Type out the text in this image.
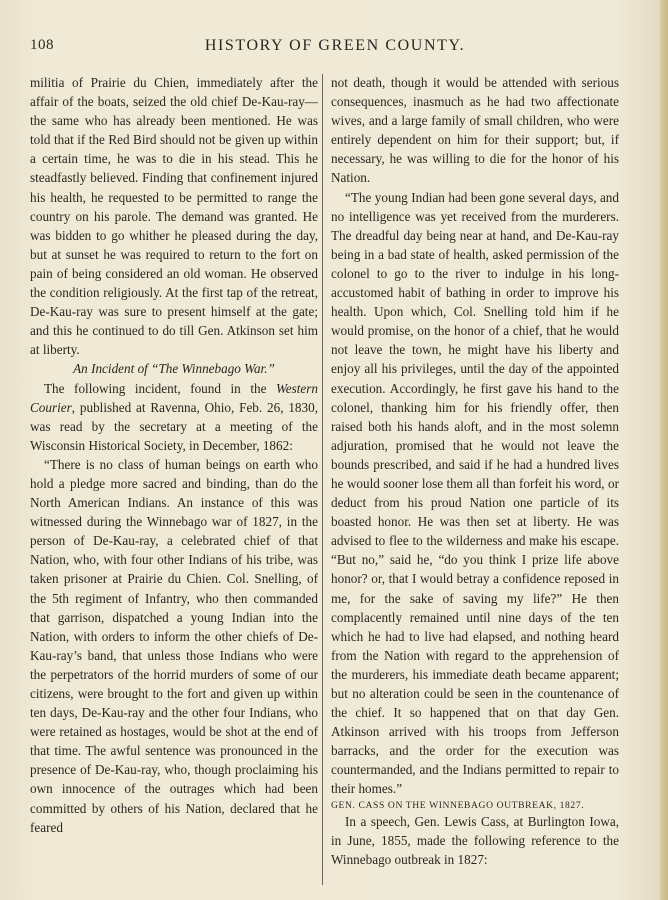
108	HISTORY OF GREEN COUNTY.

militia of Prairie du Chien, immediately after the affair of the boats, seized the old chief De-Kau-ray—the same who has already been mentioned. He was told that if the Red Bird should not be given up within a certain time, he was to die in his stead. This he steadfastly believed. Finding that confinement injured his health, he requested to be permitted to range the country on his parole. The demand was granted. He was bidden to go whither he pleased during the day, but at sunset he was required to return to the fort on pain of being considered an old woman. He observed the condition religiously. At the first tap of the retreat, De-Kau-ray was sure to present himself at the gate; and this he continued to do till Gen. Atkinson set him at liberty.

An Incident of “The Winnebago War.”

The following incident, found in the Western Courier, published at Ravenna, Ohio, Feb. 26, 1830, was read by the secretary at a meeting of the Wisconsin Historical Society, in December, 1862:

“There is no class of human beings on earth who hold a pledge more sacred and binding, than do the North American Indians. An instance of this was witnessed during the Winnebago war of 1827, in the person of De-Kau-ray, a celebrated chief of that Nation, who, with four other Indians of his tribe, was taken prisoner at Prairie du Chien. Col. Snelling, of the 5th regiment of Infantry, who then commanded that garrison, dispatched a young Indian into the Nation, with orders to inform the other chiefs of De-Kau-ray’s band, that unless those Indians who were the perpetrators of the horrid murders of some of our citizens, were brought to the fort and given up within ten days, De-Kau-ray and the other four Indians, who were retained as hostages, would be shot at the end of that time. The awful sentence was pronounced in the presence of De-Kau-ray, who, though proclaiming his own innocence of the outrages which had been committed by others of his Nation, declared that he feared

not death, though it would be attended with serious consequences, inasmuch as he had two affectionate wives, and a large family of small children, who were entirely dependent on him for their support; but, if necessary, he was willing to die for the honor of his Nation.

“The young Indian had been gone several days, and no intelligence was yet received from the murderers. The dreadful day being near at hand, and De-Kau-ray being in a bad state of health, asked permission of the colonel to go to the river to indulge in his long-accustomed habit of bathing in order to improve his health. Upon which, Col. Snelling told him if he would promise, on the honor of a chief, that he would not leave the town, he might have his liberty and enjoy all his privileges, until the day of the appointed execution. Accordingly, he first gave his hand to the colonel, thanking him for his friendly offer, then raised both his hands aloft, and in the most solemn adjuration, promised that he would not leave the bounds prescribed, and said if he had a hundred lives he would sooner lose them all than forfeit his word, or deduct from his proud Nation one particle of its boasted honor. He was then set at liberty. He was advised to flee to the wilderness and make his escape. “But no,” said he, “do you think I prize life above honor? or, that I would betray a confidence reposed in me, for the sake of saving my life?” He then complacently remained until nine days of the ten which he had to live had elapsed, and nothing heard from the Nation with regard to the apprehension of the murderers, his immediate death became apparent; but no alteration could be seen in the countenance of the chief. It so happened that on that day Gen. Atkinson arrived with his troops from Jefferson barracks, and the order for the execution was countermanded, and the Indians permitted to repair to their homes.”

GEN. CASS ON THE WINNEBAGO OUTBREAK, 1827.

In a speech, Gen. Lewis Cass, at Burlington Iowa, in June, 1855, made the following reference to the Winnebago outbreak in 1827:
